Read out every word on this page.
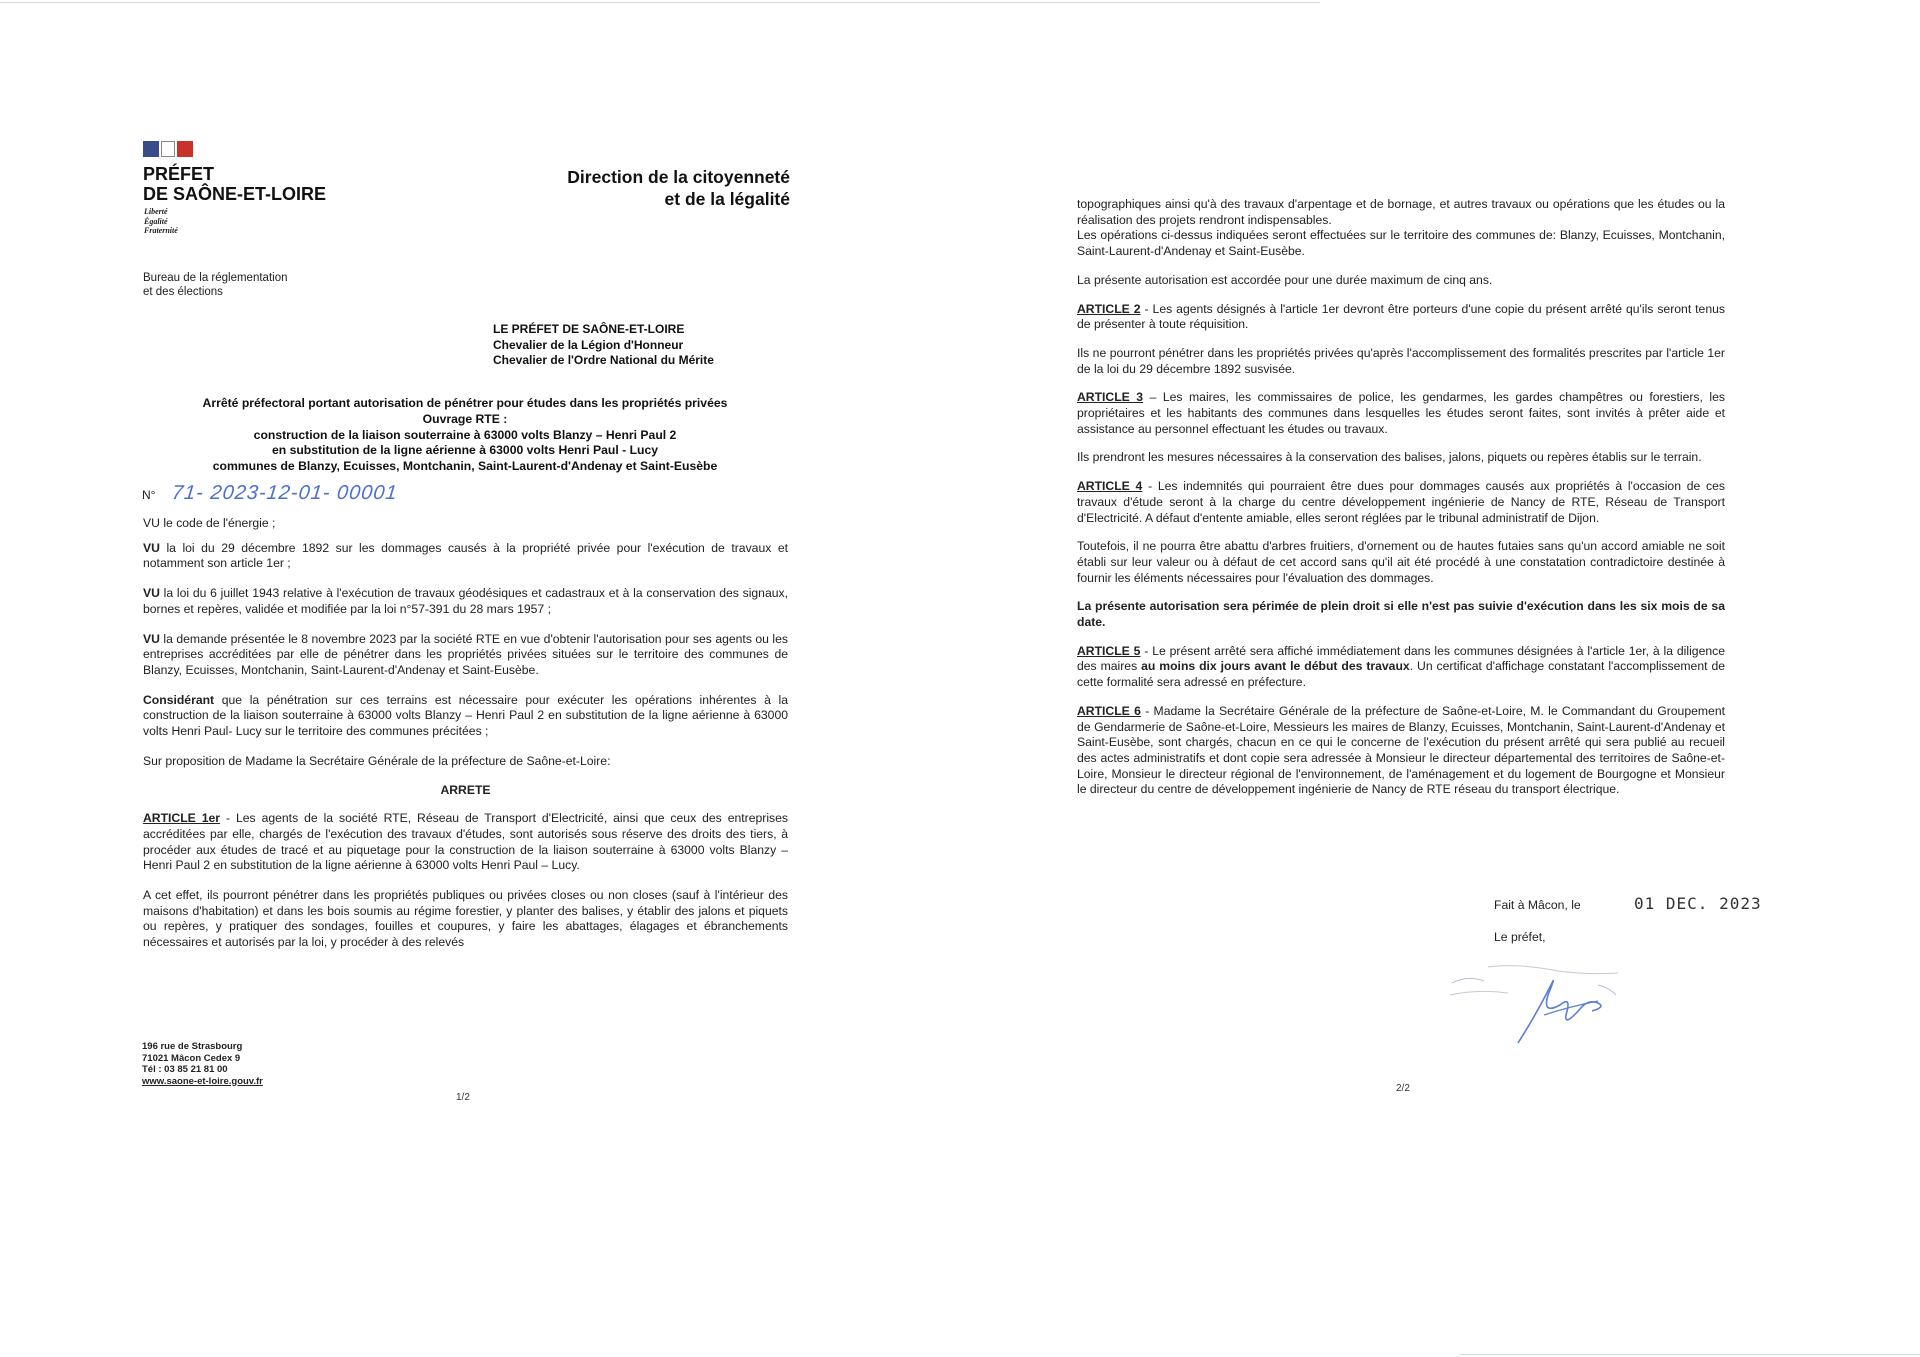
PRÉFET
DE SAÔNE-ET-LOIRE
Liberté
Égalité
Fraternité
Direction de la citoyenneté
et de la légalité
Bureau de la réglementation
et des élections
LE PRÉFET DE SAÔNE-ET-LOIRE
Chevalier de la Légion d'Honneur
Chevalier de l'Ordre National du Mérite
Arrêté préfectoral portant autorisation de pénétrer pour études dans les propriétés privées
Ouvrage RTE :
construction de la liaison souterraine à 63000 volts Blanzy – Henri Paul 2
en substitution de la ligne aérienne à 63000 volts Henri Paul - Lucy
communes de Blanzy, Ecuisses, Montchanin, Saint-Laurent-d'Andenay et Saint-Eusèbe
N° 71- 2023-12-01- 00001

VU le code de l'énergie ;

VU la loi du 29 décembre 1892 sur les dommages causés à la propriété privée pour l'exécution de travaux et notamment son article 1er ;

VU la loi du 6 juillet 1943 relative à l'exécution de travaux géodésiques et cadastraux et à la conservation des signaux, bornes et repères, validée et modifiée par la loi n°57-391 du 28 mars 1957 ;

VU la demande présentée le 8 novembre 2023 par la société RTE en vue d'obtenir l'autorisation pour ses agents ou les entreprises accréditées par elle de pénétrer dans les propriétés privées situées sur le territoire des communes de Blanzy, Ecuisses, Montchanin, Saint-Laurent-d'Andenay et Saint-Eusèbe.

Considérant que la pénétration sur ces terrains est nécessaire pour exécuter les opérations inhérentes à la construction de la liaison souterraine à 63000 volts Blanzy – Henri Paul 2 en substitution de la ligne aérienne à 63000 volts Henri Paul- Lucy sur le territoire des communes précitées ;

Sur proposition de Madame la Secrétaire Générale de la préfecture de Saône-et-Loire:

ARRETE

ARTICLE 1er - Les agents de la société RTE, Réseau de Transport d'Electricité, ainsi que ceux des entreprises accréditées par elle, chargés de l'exécution des travaux d'études, sont autorisés sous réserve des droits des tiers, à procéder aux études de tracé et au piquetage pour la construction de la liaison souterraine à 63000 volts Blanzy – Henri Paul 2 en substitution de la ligne aérienne à 63000 volts Henri Paul – Lucy.

A cet effet, ils pourront pénétrer dans les propriétés publiques ou privées closes ou non closes (sauf à l'intérieur des maisons d'habitation) et dans les bois soumis au régime forestier, y planter des balises, y établir des jalons et piquets ou repères, y pratiquer des sondages, fouilles et coupures, y faire les abattages, élagages et ébranchements nécessaires et autorisés par la loi, y procéder à des relevés

196 rue de Strasbourg
71021 Mâcon Cedex 9
Tél : 03 85 21 81 00
www.saone-et-loire.gouv.fr
1/2
2/2

topographiques ainsi qu'à des travaux d'arpentage et de bornage, et autres travaux ou opérations que les études ou la réalisation des projets rendront indispensables.

Les opérations ci-dessus indiquées seront effectuées sur le territoire des communes de: Blanzy, Ecuisses, Montchanin, Saint-Laurent-d'Andenay et Saint-Eusèbe.

La présente autorisation est accordée pour une durée maximum de cinq ans.

ARTICLE 2 - Les agents désignés à l'article 1er devront être porteurs d'une copie du présent arrêté qu'ils seront tenus de présenter à toute réquisition.

Ils ne pourront pénétrer dans les propriétés privées qu'après l'accomplissement des formalités prescrites par l'article 1er de la loi du 29 décembre 1892 susvisée.

ARTICLE 3 – Les maires, les commissaires de police, les gendarmes, les gardes champêtres ou forestiers, les propriétaires et les habitants des communes dans lesquelles les études seront faites, sont invités à prêter aide et assistance au personnel effectuant les études ou travaux.

Ils prendront les mesures nécessaires à la conservation des balises, jalons, piquets ou repères établis sur le terrain.

ARTICLE 4 - Les indemnités qui pourraient être dues pour dommages causés aux propriétés à l'occasion de ces travaux d'étude seront à la charge du centre développement ingénierie de Nancy de RTE, Réseau de Transport d'Electricité. A défaut d'entente amiable, elles seront réglées par le tribunal administratif de Dijon.

Toutefois, il ne pourra être abattu d'arbres fruitiers, d'ornement ou de hautes futaies sans qu'un accord amiable ne soit établi sur leur valeur ou à défaut de cet accord sans qu'il ait été procédé à une constatation contradictoire destinée à fournir les éléments nécessaires pour l'évaluation des dommages.

La présente autorisation sera périmée de plein droit si elle n'est pas suivie d'exécution dans les six mois de sa date.

ARTICLE 5 - Le présent arrêté sera affiché immédiatement dans les communes désignées à l'article 1er, à la diligence des maires au moins dix jours avant le début des travaux. Un certificat d'affichage constatant l'accomplissement de cette formalité sera adressé en préfecture.

ARTICLE 6 - Madame la Secrétaire Générale de la préfecture de Saône-et-Loire, M. le Commandant du Groupement de Gendarmerie de Saône-et-Loire, Messieurs les maires de Blanzy, Ecuisses, Montchanin, Saint-Laurent-d'Andenay et Saint-Eusèbe, sont chargés, chacun en ce qui le concerne de l'exécution du présent arrêté qui sera publié au recueil des actes administratifs et dont copie sera adressée à Monsieur le directeur départemental des territoires de Saône-et-Loire, Monsieur le directeur régional de l'environnement, de l'aménagement et du logement de Bourgogne et Monsieur le directeur du centre de développement ingénierie de Nancy de RTE réseau du transport électrique.

Fait à Mâcon, le	01 DEC. 2023
Le préfet,
